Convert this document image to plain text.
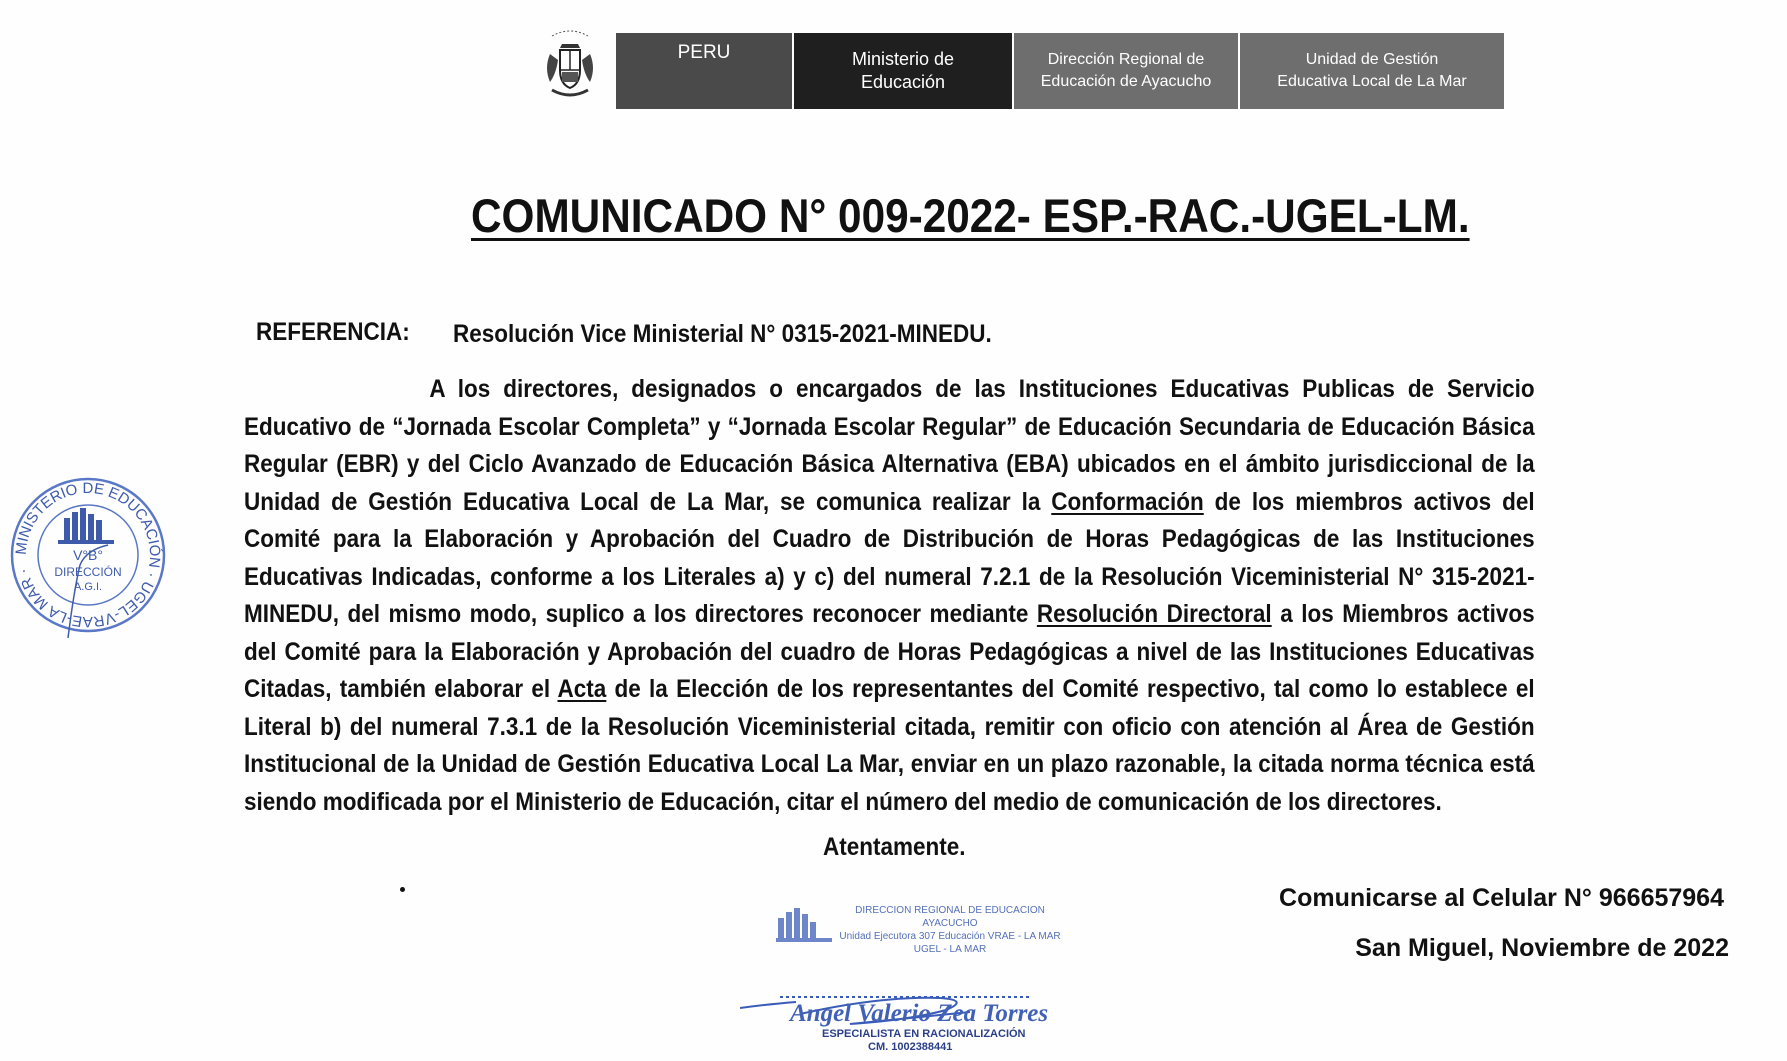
PERU	Ministerio de
Educación
Dirección Regional de
Educación de Ayacucho
Unidad de Gestión
Educativa Local de La Mar
COMUNICADO N° 009-2022- ESP.-RAC.-UGEL-LM.
REFERENCIA: Resolución Vice Ministerial N° 0315-2021-MINEDU.
A los directores, designados o encargados de las Instituciones Educativas Publicas de Servicio Educativo de “Jornada Escolar Completa” y “Jornada Escolar Regular” de Educación Secundaria de Educación Básica Regular (EBR) y del Ciclo Avanzado de Educación Básica Alternativa (EBA) ubicados en el ámbito jurisdiccional de la Unidad de Gestión Educativa Local de La Mar, se comunica realizar la Conformación de los miembros activos del Comité para la Elaboración y Aprobación del Cuadro de Distribución de Horas Pedagógicas de las Instituciones Educativas Indicadas, conforme a los Literales a) y c) del numeral 7.2.1 de la Resolución Viceministerial N° 315-2021-MINEDU, del mismo modo, suplico a los directores reconocer mediante Resolución Directoral a los Miembros activos del Comité para la Elaboración y Aprobación del cuadro de Horas Pedagógicas a nivel de las Instituciones Educativas Citadas, también elaborar el Acta de la Elección de los representantes del Comité respectivo, tal como lo establece el Literal b) del numeral 7.3.1 de la Resolución Viceministerial citada, remitir con oficio con atención al Área de Gestión Institucional de la Unidad de Gestión Educativa Local La Mar, enviar en un plazo razonable, la citada norma técnica está siendo modificada por el Ministerio de Educación, citar el número del medio de comunicación de los directores.
Atentamente.
Comunicarse al Celular N° 966657964
San Miguel, Noviembre de 2022
MINISTERIO DE EDUCACIÓN · UGEL-VRAE-LA MAR ·
V°B°
DIRECCIÓN
A.G.I.
DIRECCION REGIONAL DE EDUCACION AYACUCHO
Unidad Ejecutora 307 Educación VRAE - LA MAR
UGEL - LA MAR
Angel Valerio Zea Torres
ESPECIALISTA EN RACIONALIZACIÓN
CM. 1002388441
